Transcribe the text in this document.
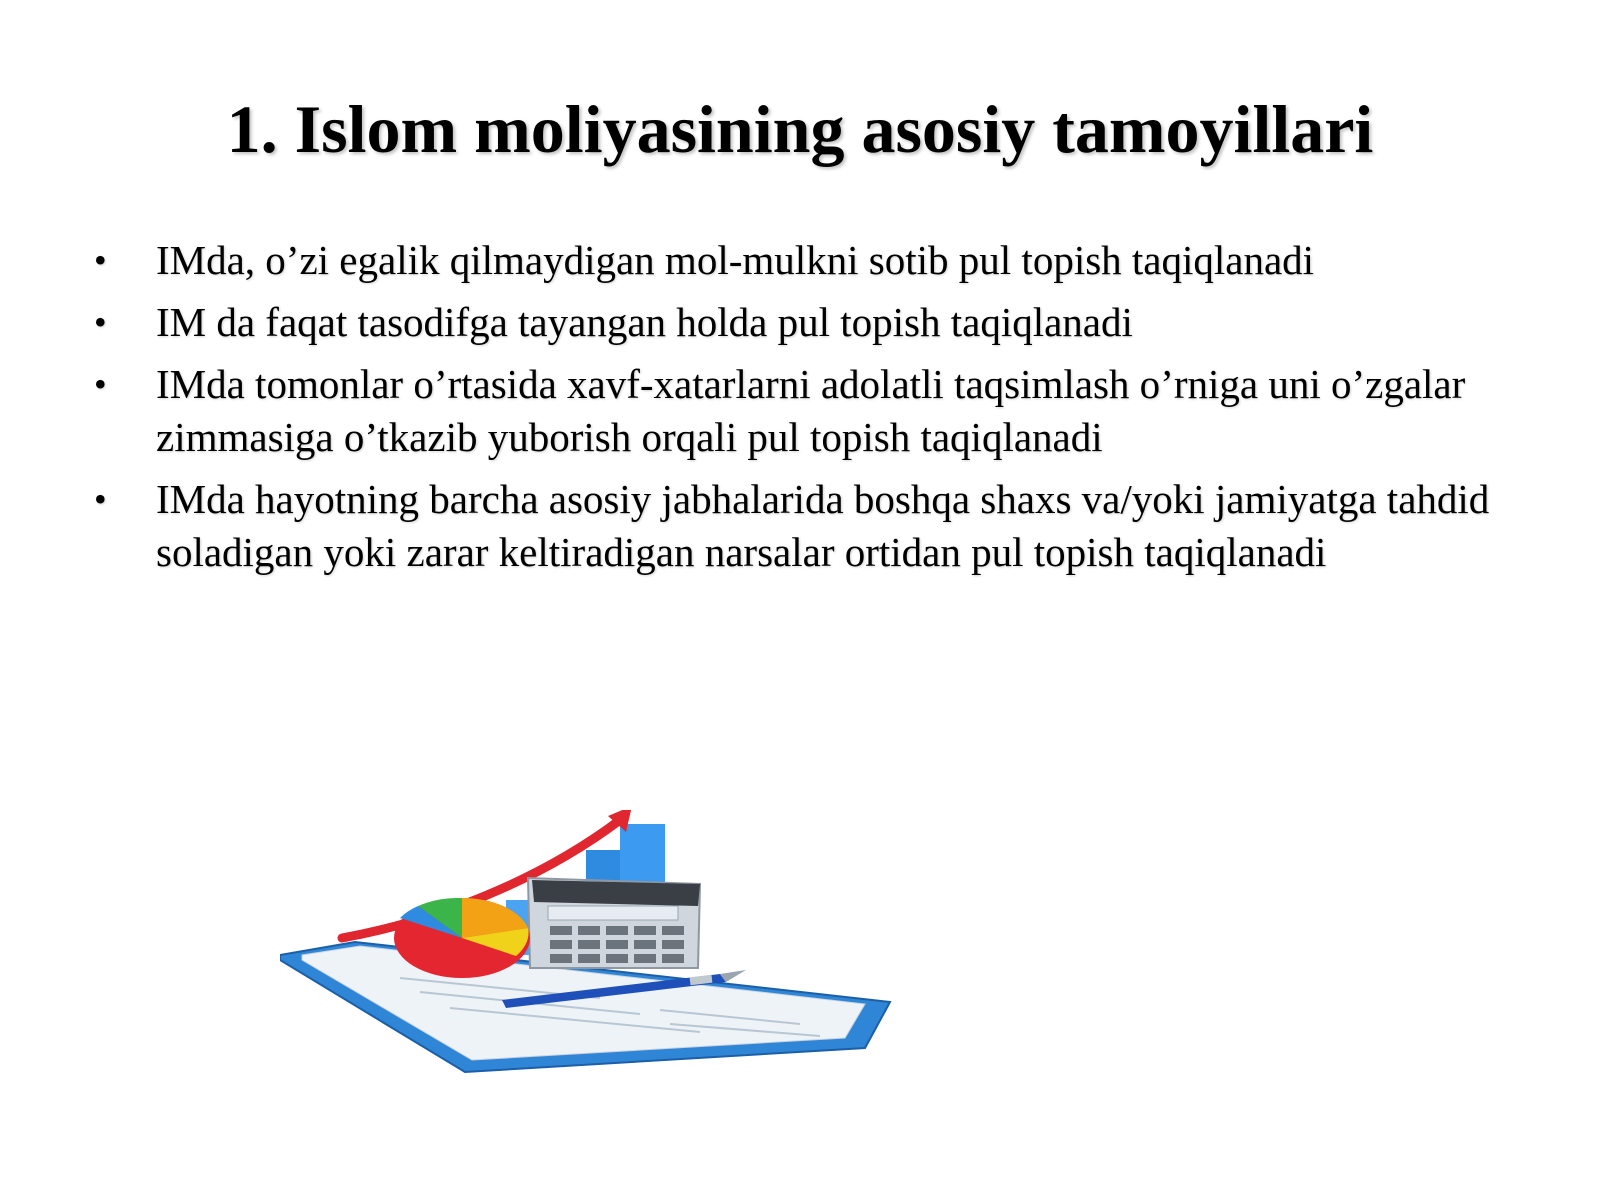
1. Islom moliyasining asosiy tamoyillari
• IMda, o’zi egalik qilmaydigan mol-mulkni sotib pul topish taqiqlanadi
• IM da faqat tasodifga tayangan holda pul topish taqiqlanadi
• IMda tomonlar o’rtasida xavf-xatarlarni adolatli taqsimlash o’rniga uni o’zgalar zimmasiga o’tkazib yuborish orqali pul topish taqiqlanadi
• IMda hayotning barcha asosiy jabhalarida boshqa shaxs va/yoki jamiyatga tahdid soladigan yoki zarar keltiradigan narsalar ortidan pul topish taqiqlanadi
